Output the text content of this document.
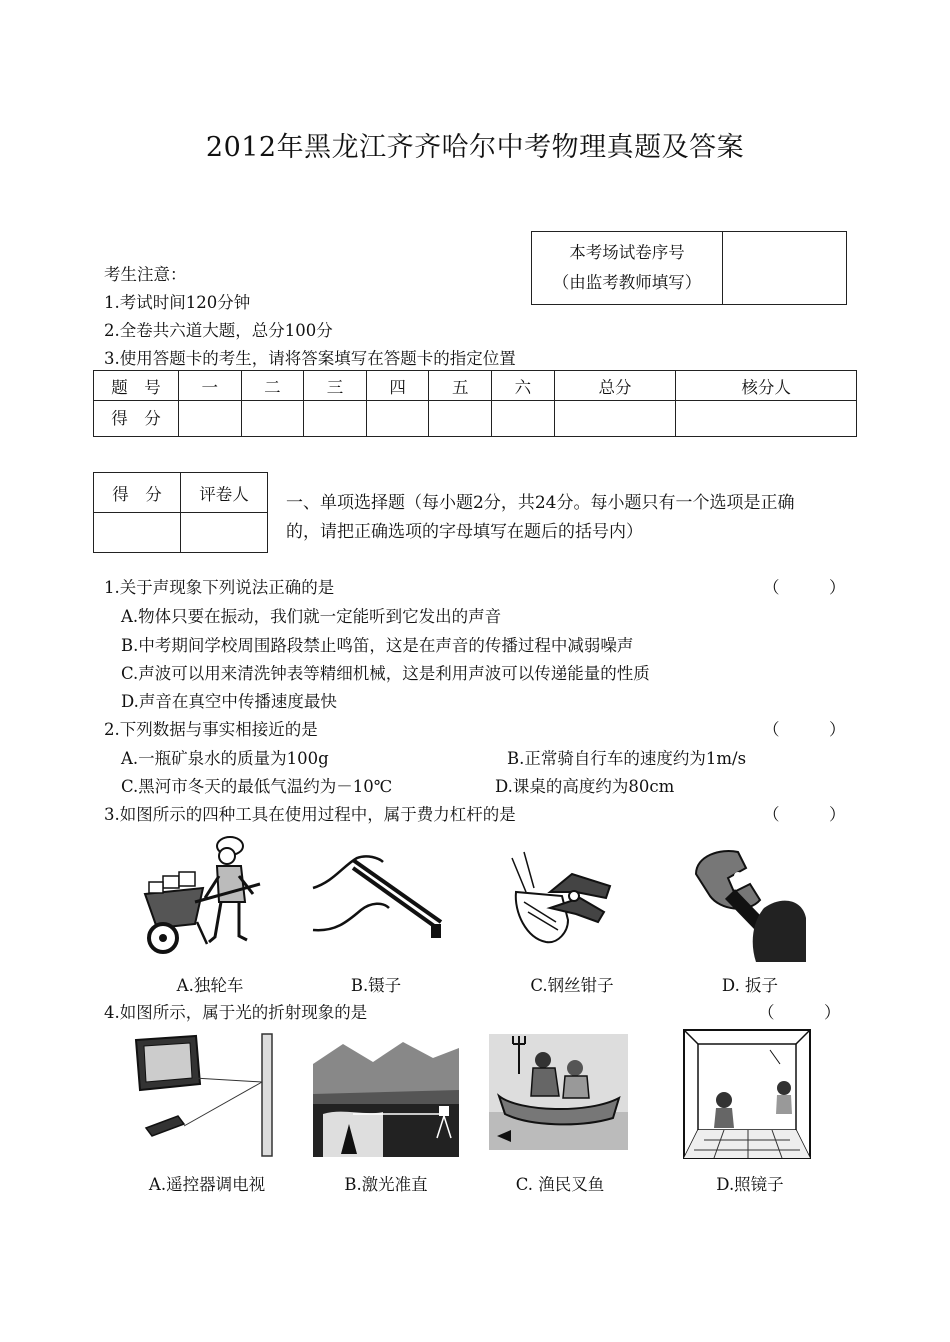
2012年黑龙江齐齐哈尔中考物理真题及答案
本考场试卷序号
（由监考教师填写）

考生注意：
1.考试时间120分钟
2.全卷共六道大题，总分100分
3.使用答题卡的考生，请将答案填写在答题卡的指定位置
题　号	一	二	三	四	五	六	总分	核分人
得　分								
得　分	评卷人
	一、单项选择题（每小题2分，共24分。每小题只有一个选项是正确
的，请把正确选项的字母填写在题后的括号内）
1.关于声现象下列说法正确的是	（　　　）
A.物体只要在振动，我们就一定能听到它发出的声音
B.中考期间学校周围路段禁止鸣笛，这是在声音的传播过程中减弱噪声
C.声波可以用来清洗钟表等精细机械，这是利用声波可以传递能量的性质
D.声音在真空中传播速度最快
2.下列数据与事实相接近的是	（　　　）
A.一瓶矿泉水的质量为100g	B.正常骑自行车的速度约为1m/s
C.黑河市冬天的最低气温约为－10℃	D.课桌的高度约为80cm
3.如图所示的四种工具在使用过程中，属于费力杠杆的是	（　　　）
A.独轮车	B.镊子	C.钢丝钳子	D. 扳子
4.如图所示，属于光的折射现象的是	（　　　）
A.遥控器调电视	B.激光准直	C. 渔民叉鱼	D.照镜子
